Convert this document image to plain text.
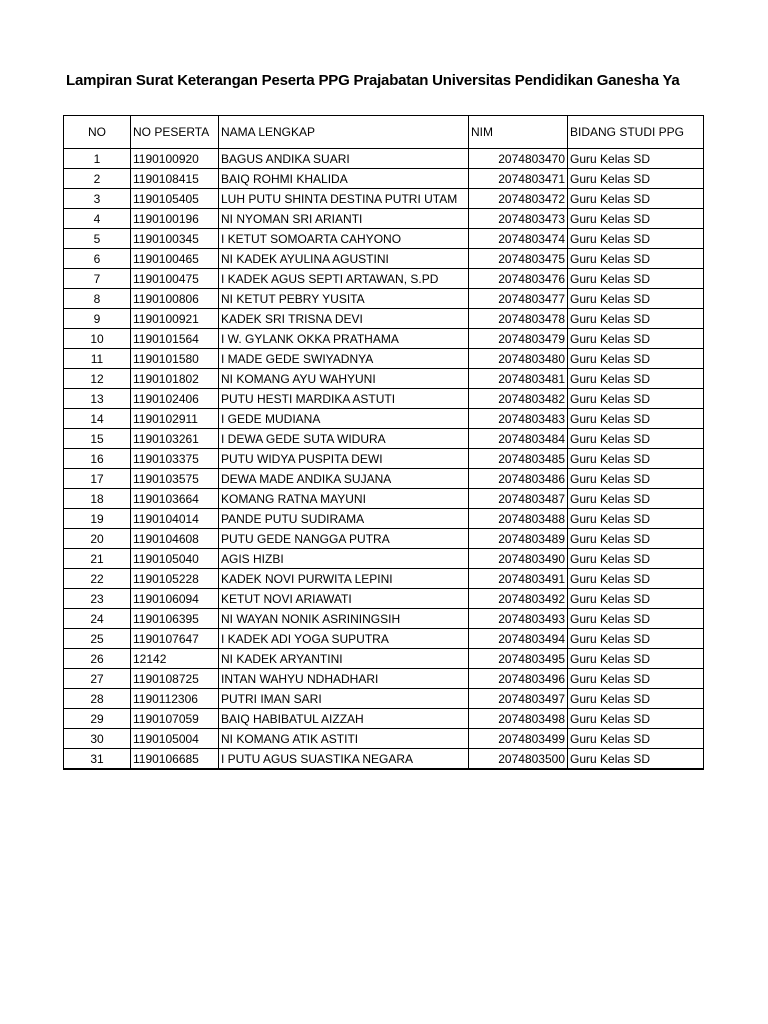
Lampiran Surat Keterangan Peserta PPG Prajabatan Universitas Pendidikan Ganesha Ya
NO	NO PESERTA	NAMA LENGKAP	NIM	BIDANG STUDI PPG
1	1190100920	BAGUS ANDIKA SUARI	2074803470	Guru Kelas SD
2	1190108415	BAIQ ROHMI KHALIDA	2074803471	Guru Kelas SD
3	1190105405	LUH PUTU SHINTA DESTINA PUTRI UTAM	2074803472	Guru Kelas SD
4	1190100196	NI NYOMAN SRI ARIANTI	2074803473	Guru Kelas SD
5	1190100345	I KETUT SOMOARTA CAHYONO	2074803474	Guru Kelas SD
6	1190100465	NI KADEK AYULINA AGUSTINI	2074803475	Guru Kelas SD
7	1190100475	I KADEK AGUS SEPTI ARTAWAN, S.PD	2074803476	Guru Kelas SD
8	1190100806	NI KETUT PEBRY YUSITA	2074803477	Guru Kelas SD
9	1190100921	KADEK SRI TRISNA DEVI	2074803478	Guru Kelas SD
10	1190101564	I W. GYLANK OKKA PRATHAMA	2074803479	Guru Kelas SD
11	1190101580	I MADE GEDE SWIYADNYA	2074803480	Guru Kelas SD
12	1190101802	NI KOMANG AYU WAHYUNI	2074803481	Guru Kelas SD
13	1190102406	PUTU HESTI MARDIKA ASTUTI	2074803482	Guru Kelas SD
14	1190102911	I GEDE MUDIANA	2074803483	Guru Kelas SD
15	1190103261	I DEWA GEDE SUTA WIDURA	2074803484	Guru Kelas SD
16	1190103375	PUTU WIDYA PUSPITA DEWI	2074803485	Guru Kelas SD
17	1190103575	DEWA MADE ANDIKA SUJANA	2074803486	Guru Kelas SD
18	1190103664	KOMANG RATNA MAYUNI	2074803487	Guru Kelas SD
19	1190104014	PANDE PUTU SUDIRAMA	2074803488	Guru Kelas SD
20	1190104608	PUTU GEDE NANGGA PUTRA	2074803489	Guru Kelas SD
21	1190105040	AGIS HIZBI	2074803490	Guru Kelas SD
22	1190105228	KADEK NOVI PURWITA LEPINI	2074803491	Guru Kelas SD
23	1190106094	KETUT NOVI ARIAWATI	2074803492	Guru Kelas SD
24	1190106395	NI WAYAN NONIK ASRININGSIH	2074803493	Guru Kelas SD
25	1190107647	I KADEK ADI YOGA SUPUTRA	2074803494	Guru Kelas SD
26	12142	NI KADEK ARYANTINI	2074803495	Guru Kelas SD
27	1190108725	INTAN WAHYU NDHADHARI	2074803496	Guru Kelas SD
28	1190112306	PUTRI IMAN SARI	2074803497	Guru Kelas SD
29	1190107059	BAIQ HABIBATUL AIZZAH	2074803498	Guru Kelas SD
30	1190105004	NI KOMANG ATIK ASTITI	2074803499	Guru Kelas SD
31	1190106685	I PUTU AGUS SUASTIKA NEGARA	2074803500	Guru Kelas SD
